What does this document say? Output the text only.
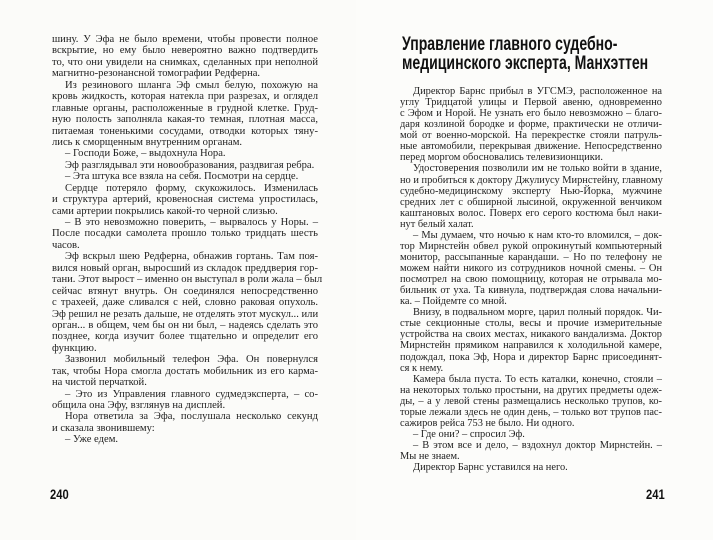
шину. У Эфа не было времени, чтобы провести полное
вскрытие, но ему было невероятно важно подтвердить
то, что они увидели на снимках, сделанных при неполной
магнитно-резонансной томографии Редферна.
Из резинового шланга Эф смыл белую, похожую на
кровь жидкость, которая натекла при разрезах, и оглядел
главные органы, расположенные в грудной клетке. Груд-
ную полость заполняла какая-то темная, плотная масса,
питаемая тоненькими сосудами, отводки которых тяну-
лись к сморщенным внутренним органам.
– Господи Боже, – выдохнула Нора.
Эф разглядывал эти новообразования, раздвигая ребра.
– Эта штука все взяла на себя. Посмотри на сердце.
Сердце потеряло форму, скукожилось. Изменилась
и структура артерий, кровеносная система упростилась,
сами артерии покрылись какой-то черной слизью.
– В это невозможно поверить, – вырвалось у Норы. –
После посадки самолета прошло только тридцать шесть
часов.
Эф вскрыл шею Редферна, обнажив гортань. Там поя-
вился новый орган, выросший из складок преддверия гор-
тани. Этот вырост – именно он выступал в роли жала – был
сейчас втянут внутрь. Он соединялся непосредственно
с трахеей, даже сливался с ней, словно раковая опухоль.
Эф решил не резать дальше, не отделять этот мускул... или
орган... в общем, чем бы он ни был, – надеясь сделать это
позднее, когда изучит более тщательно и определит его
функцию.
Зазвонил мобильный телефон Эфа. Он повернулся
так, чтобы Нора смогла достать мобильник из его карма-
на чистой перчаткой.
– Это из Управления главного судмедэксперта, – со-
общила она Эфу, взглянув на дисплей.
Нора ответила за Эфа, послушала несколько секунд
и сказала звонившему:
– Уже едем.
240
Управление главного судебно-
медицинского эксперта, Манхэттен
Директор Барнс прибыл в УГСМЭ, расположенное на
углу Тридцатой улицы и Первой авеню, одновременно
с Эфом и Норой. Не узнать его было невозможно – благо-
даря козлиной бородке и форме, практически не отличи-
мой от военно-морской. На перекрестке стояли патруль-
ные автомобили, перекрывая движение. Непосредственно
перед моргом обосновались телевизионщики.
Удостоверения позволили им не только войти в здание,
но и пробиться к доктору Джулиусу Мирнстейну, главному
судебно-медицинскому эксперту Нью-Йорка, мужчине
средних лет с обширной лысиной, окруженной венчиком
каштановых волос. Поверх его серого костюма был наки-
нут белый халат.
– Мы думаем, что ночью к нам кто-то вломился, – док-
тор Мирнстейн обвел рукой опрокинутый компьютерный
монитор, рассыпанные карандаши. – Но по телефону не
можем найти никого из сотрудников ночной смены. – Он
посмотрел на свою помощницу, которая не отрывала мо-
бильник от уха. Та кивнула, подтверждая слова начальни-
ка. – Пойдемте со мной.
Внизу, в подвальном морге, царил полный порядок. Чи-
стые секционные столы, весы и прочие измерительные
устройства на своих местах, никакого вандализма. Доктор
Мирнстейн прямиком направился к холодильной камере,
подождал, пока Эф, Нора и директор Барнс присоединят-
ся к нему.
Камера была пуста. То есть каталки, конечно, стояли –
на некоторых только простыни, на других предметы одеж-
ды, – а у левой стены размещались несколько трупов, ко-
торые лежали здесь не один день, – только вот трупов пас-
сажиров рейса 753 не было. Ни одного.
– Где они? – спросил Эф.
– В этом все и дело, – вздохнул доктор Мирнстейн. –
Мы не знаем.
Директор Барнс уставился на него.
241
